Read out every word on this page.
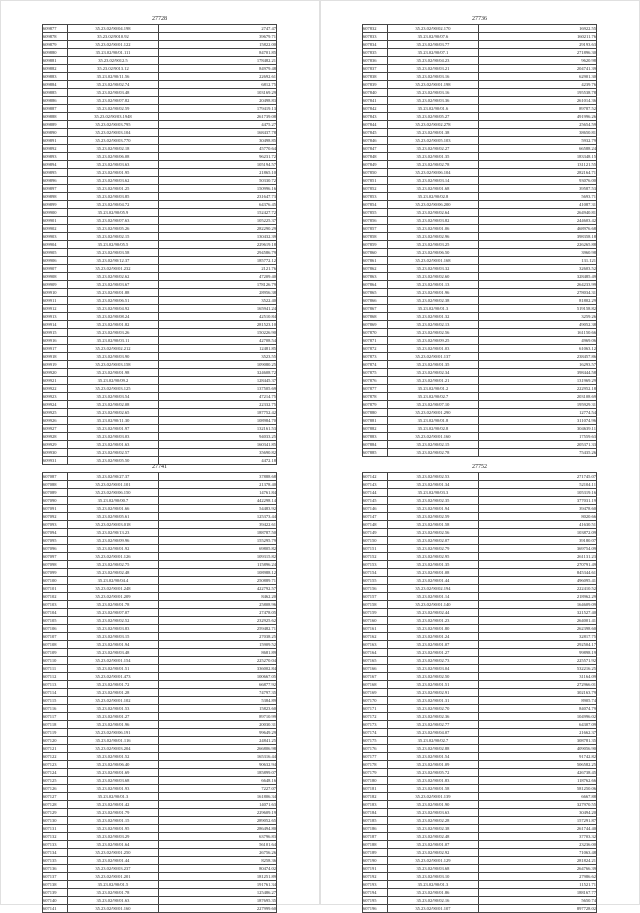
27728
609877	35.23.02/90/04.198	2747.47
609878	35.23.02/9010.92	39679.71
609879	35.23.02/90/01.122	15822.00
609880	35.23.02/90/01.111	84701.85
609881	35.23.02/9012.5	178482.21
609882	35.23.02/9013.12	84979.48
609883	35.23.02/90/11.56	22692.61
609884	35.23.02/90/02.74	6812.75
609885	35.23.02/90/03.48	103169.29
609886	35.23.02/90/07.82	20498.83
609887	35.23.02/90/02.59	179419.13
609888	35.23.02/90/03.1948	261739.08
609889	35.23.02/90/03.795	4475.27
609890	35.23.02/90/03.104	168437.78
609891	35.23.02/90/03.770	30498.85
609892	35.23.02/90/02.18	45770.64
609893	35.23.02/90/06.08	96231.72
609894	35.23.02/90/03.63	105194.57
609895	35.23.02/90/01.95	21865.10
609896	35.23.02/90/03.62	50330.72
609897	35.23.02/90/01.25	150996.16
609898	35.23.02/90/03.85	231647.73
609899	35.23.02/90/04.72	64376.45
609900	35.23.02/90/05.9	152427.72
609901	35.23.02/90/07.63	105225.37
609902	35.23.02/90/05.26	282290.29
609903	35.23.02/90/02.15	130432.39
609904	35.23.02/90/05.5	229619.18
609905	35.23.02/90/03.58	294586.79
609906	35.23.02/90/12.37	185772.12
609907	35.23.02/90/01.232	2121.76
609908	35.23.02/90/02.62	47209.40
609909	35.23.02/90/03.67	178126.79
609910	35.23.02/90/01.88	28956.38
609911	35.23.02/90/06.51	3522.40
609912	35.23.02/90/04.92	165941.24
609913	35.23.02/90/08.24	42510.84
609914	35.23.02/90/01.82	281523.10
609915	35.23.02/90/03.26	150226.90
609916	35.23.02/90/03.11	42708.54
609917	35.23.02/90/02.212	12481.85
609918	35.23.02/90/03.90	3523.55
609919	35.23.02/90/03.158	109080.25
609920	35.23.02/90/01.98	324608.72
609921	35.23.02/90/09.2	128445.37
609922	35.23.02/90/03.125	137505.69
609923	35.23.02/90/03.54	47214.75
609924	35.23.02/90/02.08	22332.75
609925	35.23.02/90/02.65	187752.42
609926	35.23.02/90/11.30	108984.70
609927	35.23.02/90/01.97	132161.53
609928	35.23.02/90/03.03	94033.25
609929	35.23.02/90/01.63	160341.85
609930	35.23.02/90/02.57	35690.82
609931	35.23.02/90/05.50	4472.18
27736
607832	35.23.02/90/02.170	16922.55
607833	35.23.02/90/07.6	160211.76
607834	35.23.02/90/03.77	29193.63
607835	35.23.02/90/07.1	271896.30
607836	35.23.02/90/04.23	9620.98
607837	35.23.02/90/03.21	204741.39
607838	35.23.02/90/03.16	62901.30
607839	35.23.02/90/01.198	4239.76
607840	35.23.02/90/03.16	195538.78
607841	35.23.02/90/03.36	261014.36
607842	35.23.02/90/01.6	89787.52
607843	35.23.02/90/05.27	491996.26
607844	35.23.02/90/02.278	25654.59
607845	35.23.02/90/01.38	38650.81
607846	35.23.02/90/05.103	5932.79
607847	35.23.02/90/02.27	66588.24
607848	35.23.02/90/01.35	183348.15
607849	35.23.02/90/02.78	131121.55
607850	35.23.02/90/06.104	282164.71
607851	35.23.02/90/03.14	93076.00
607852	35.23.02/90/01.68	39587.53
607853	35.23.02/90/02.8	5693.71
607854	35.23.02/90/06.200	41087.31
607855	35.23.02/90/02.64	264940.81
607856	35.23.02/90/03.82	244603.42
607857	35.23.02/90/01.06	468976.68
607858	35.23.02/90/02.96	398358.18
607859	35.23.02/90/03.25	226265.88
607860	35.23.02/90/06.50	3960.98
607861	35.23.02/90/01.168	131.121
607862	35.23.02/90/03.32	32603.52
607863	35.23.02/90/02.60	328485.49
607864	35.23.02/90/01.13	264233.99
607865	35.23.02/90/01.96	278034.31
607866	35.23.02/90/02.38	81802.29
607867	35.23.02/90/01.3	519158.82
607868	35.23.02/90/01.32	3259.26
607869	35.23.02/90/02.13	49052.38
607870	35.23.02/90/02.56	161150.66
607871	35.23.02/90/09.25	4969.06
607872	35.23.02/90/01.03	61063.12
607873	35.23.02/90/01.137	238457.86
607874	35.23.02/90/01.35	16293.57
607875	35.23.02/90/02.34	398444.58
607876	35.23.02/90/01.21	131969.29
607877	35.23.02/90/01.2	222952.18
607878	35.23.02/90/02.7	203108.69
607879	35.23.02/90/07.10	195929.31
607880	35.23.02/90/01.290	12774.54
607881	35.23.02/90/01.8	311074.96
607882	35.23.02/90/02.8	304639.11
607883	35.23.02/90/01.160	17559.63
607884	35.23.02/90/02.15	205371.33
607885	35.23.02/90/02.78	75435.26
27741
607087	35.23.02/90/27.37	37888.68
607088	35.23.02/90/01.101	21378.40
607089	35.23.02/90/06.150	14761.84
607090	35.23.02/90/00.7	442298.14
607091	35.23.02/90/01.66	54483.92
607092	35.23.02/90/05.61	125373.44
607093	35.23.02/90/03.018	39422.61
607094	35.23.02/90/13.23	188787.50
607095	35.23.02/90/09.96	155295.79
607096	35.23.02/90/01.92	69805.82
607097	35.23.02/90/01.126	109315.82
607098	35.23.02/90/02.75	115896.24
607099	35.23.02/90/02.48	108988.12
607100	35.23.02/90/04.4	250889.71
607101	35.23.02/90/01.248	422792.57
607102	35.23.02/90/01.209	8462.20
607103	35.23.02/90/01.78	25808.96
607104	35.23.02/90/07.07	27478.05
607105	35.23.02/90/02.52	232925.62
607106	35.23.02/90/03.83	259482.71
607107	35.23.02/90/03.15	27038.25
607108	35.23.02/90/01.94	15909.52
607109	35.23.02/90/03.48	8681.89
607110	35.23.02/90/01.154	225270.04
607111	35.23.02/90/01.51	336002.84
607112	35.23.02/90/01.473	100667.05
607113	35.23.02/90/01.72	66877.92
607114	35.23.02/90/01.28	74797.35
607115	35.23.02/90/01.102	5384.89
607116	35.23.02/90/01.53	15823.60
607117	35.23.02/90/01.27	89710.99
607118	35.23.02/90/01.96	20030.31
607119	35.23.02/90/06.191	99649.29
607120	35.23.02/90/01.116	24841.25
607121	35.23.02/90/03.204	266806.98
607122	35.23.02/90/01.52	165316.44
607123	35.23.02/90/06.40	90632.94
607124	35.23.02/90/01.69	185899.07
607125	35.23.02/90/03.68	6648.16
607126	35.23.02/90/01.93	7227.07
607127	35.23.02/90/01.3	161806.34
607128	35.23.02/90/01.42	14071.63
607129	35.23.02/90/01.79	229609.19
607130	35.23.02/90/01.15	289052.65
607131	35.23.02/90/01.95	286494.80
607132	35.23.02/90/03.29	63796.83
607133	35.23.02/90/01.64	56101.64
607134	35.23.02/90/01.250	26756.26
607135	35.23.02/90/01.44	8258.36
607136	35.23.02/90/03.237	80474.02
607137	35.23.02/90/01.201	181251.89
607138	35.23.02/90/01.5	191761.34
607139	35.23.02/90/01.78	125486.27
607140	35.23.02/90/01.63	187695.35
607141	35.23.02/90/01.160	227999.60
27752
607142	35.23.02/90/02.53	271745.07
607143	35.23.02/90/01.34	52104.11
607144	35.23.02/90/03.3	105319.16
607145	35.23.02/90/02.35	377031.19
607146	35.23.02/90/01.94	39478.60
607147	35.23.02/90/02.59	8020.66
607148	35.23.02/90/01.58	41630.51
607149	35.23.02/90/02.56	103872.09
607150	35.23.02/90/02.07	39180.07
607151	35.23.02/90/02.79	369754.09
607152	35.23.02/90/02.95	261131.23
607153	35.23.02/90/01.35	270791.49
607154	35.23.02/90/01.08	845344.61
607155	35.23.02/90/01.44	496095.41
607156	35.23.02/90/02.194	222410.52
607157	35.23.02/90/01.14	218962.29
607158	35.23.02/90/01.140	164609.09
607159	35.23.02/90/02.44	321527.40
607160	35.23.02/90/01.23	264001.41
607161	35.23.02/90/01.80	262398.60
607162	35.23.02/90/01.24	32817.75
607163	35.23.02/90/01.07	292504.17
607164	35.23.02/90/01.27	99898.19
607165	35.23.02/90/02.73	225571.92
607166	35.23.02/90/03.04	532216.25
607167	35.23.02/90/02.50	31164.09
607168	35.23.02/90/01.51	272966.01
607169	35.23.02/90/02.91	302163.79
607170	35.23.02/90/01.31	8905.74
607171	35.23.02/90/02.70	84074.79
607172	35.23.02/90/02.36	104996.02
607173	35.23.02/90/02.77	64307.09
607174	35.23.02/90/04.07	21662.37
607175	35.23.02/90/02.7	308781.35
607176	35.23.02/90/02.88	409056.90
607177	35.23.02/90/01.54	91742.82
607178	35.23.02/90/01.09	506582.25
607179	35.23.02/90/05.72	426738.45
607180	35.23.02/90/01.83	118762.66
607181	35.23.02/90/01.58	581250.06
607182	35.23.02/90/01.139	6667.88
607183	35.23.02/90/01.90	327970.55
607184	35.23.02/90/03.63	30494.20
607185	35.23.02/90/02.28	157291.87
607186	35.23.02/90/02.38	261744.40
607187	35.23.02/90/02.48	37703.32
607188	35.23.02/90/01.07	23236.00
607189	35.23.02/90/02.92	71063.48
607190	35.23.02/90/01.129	281824.21
607191	35.23.02/90/03.68	264766.39
607192	35.23.02/90/03.10	27986.62
607193	35.23.02/90/01.3	11521.71
607194	35.23.02/90/01.86	188167.77
607195	35.23.02/90/02.16	5650.74
607196	35.23.02/90/01.107	897728.02
